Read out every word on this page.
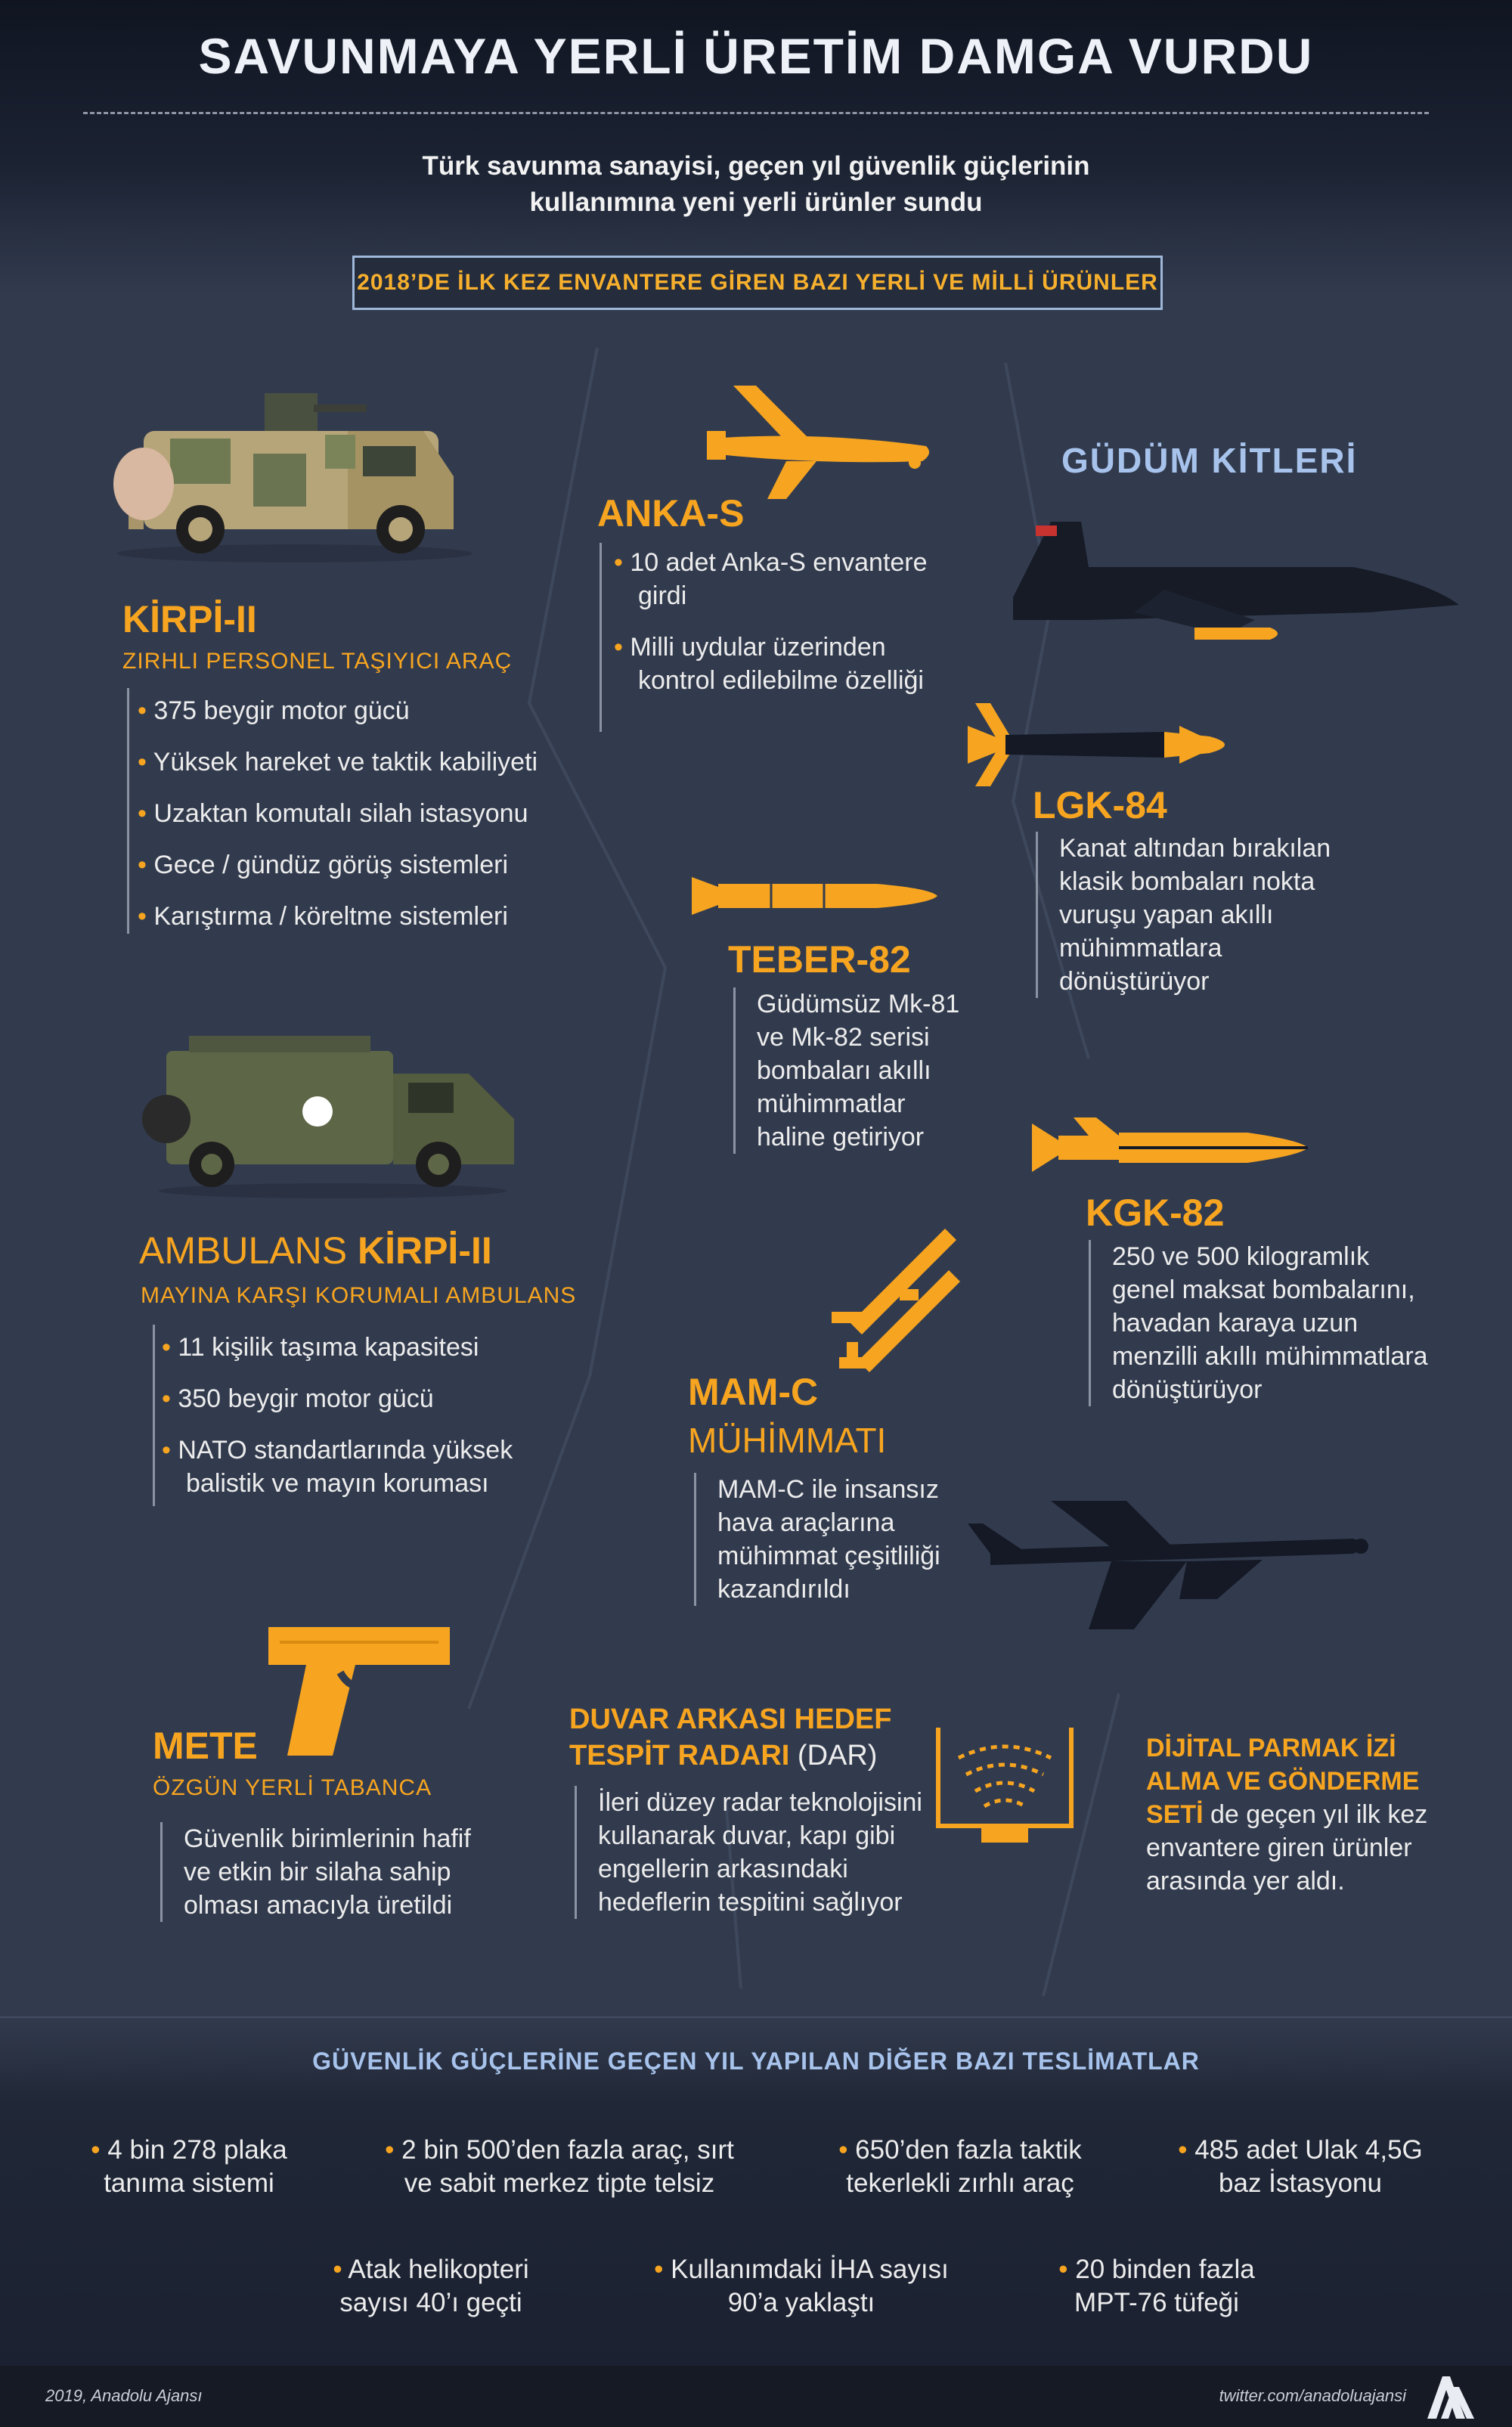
SAVUNMAYA YERLİ ÜRETİM DAMGA VURDU
Türk savunma sanayisi, geçen yıl güvenlik güçlerinin
kullanımına yeni yerli ürünler sundu
2018’DE İLK KEZ ENVANTERE GİREN BAZI YERLİ VE MİLLİ ÜRÜNLER
KİRPİ-II
ZIRHLI PERSONEL TAŞIYICI ARAÇ
• 375 beygir motor gücü
• Yüksek hareket ve taktik kabiliyeti
• Uzaktan komutalı silah istasyonu
• Gece / gündüz görüş sistemleri
• Karıştırma / köreltme sistemleri
AMBULANS KİRPİ-II
MAYINA KARŞI KORUMALI AMBULANS
• 11 kişilik taşıma kapasitesi
• 350 beygir motor gücü
• NATO standartlarında yüksek balistik ve mayın koruması
ANKA-S
• 10 adet Anka-S envantere girdi
• Milli uydular üzerinden kontrol edilebilme özelliği
GÜDÜM KİTLERİ
LGK-84
Kanat altından bırakılan klasik bombaları nokta vuruşu yapan akıllı mühimmatlara dönüştürüyor
TEBER-82
Güdümsüz Mk-81 ve Mk-82 serisi bombaları akıllı mühimmatlar haline getiriyor
KGK-82
250 ve 500 kilogramlık genel maksat bombalarını, havadan karaya uzun menzilli akıllı mühimmatlara dönüştürüyor
MAM-C
MÜHİMMATI
MAM-C ile insansız hava araçlarına mühimmat çeşitliliği kazandırıldı
METE
ÖZGÜN YERLİ TABANCA
Güvenlik birimlerinin hafif ve etkin bir silaha sahip olması amacıyla üretildi
DUVAR ARKASI HEDEF
TESPİT RADARI (DAR)
İleri düzey radar teknolojisini kullanarak duvar, kapı gibi engellerin arkasındaki hedeflerin tespitini sağlıyor
DİJİTAL PARMAK İZİ ALMA VE GÖNDERME SETİ de geçen yıl ilk kez envantere giren ürünler arasında yer aldı.
GÜVENLİK GÜÇLERİNE GEÇEN YIL YAPILAN DİĞER BAZI TESLİMATLAR
• 4 bin 278 plaka
tanıma sistemi
• 2 bin 500’den fazla araç, sırt
ve sabit merkez tipte telsiz
• 650’den fazla taktik
tekerlekli zırhlı araç
• 485 adet Ulak 4,5G
baz İstasyonu
• Atak helikopteri
sayısı 40’ı geçti
• Kullanımdaki İHA sayısı
90’a yaklaştı
• 20 binden fazla
MPT-76 tüfeği
2019, Anadolu Ajansı	twitter.com/anadoluajansi
